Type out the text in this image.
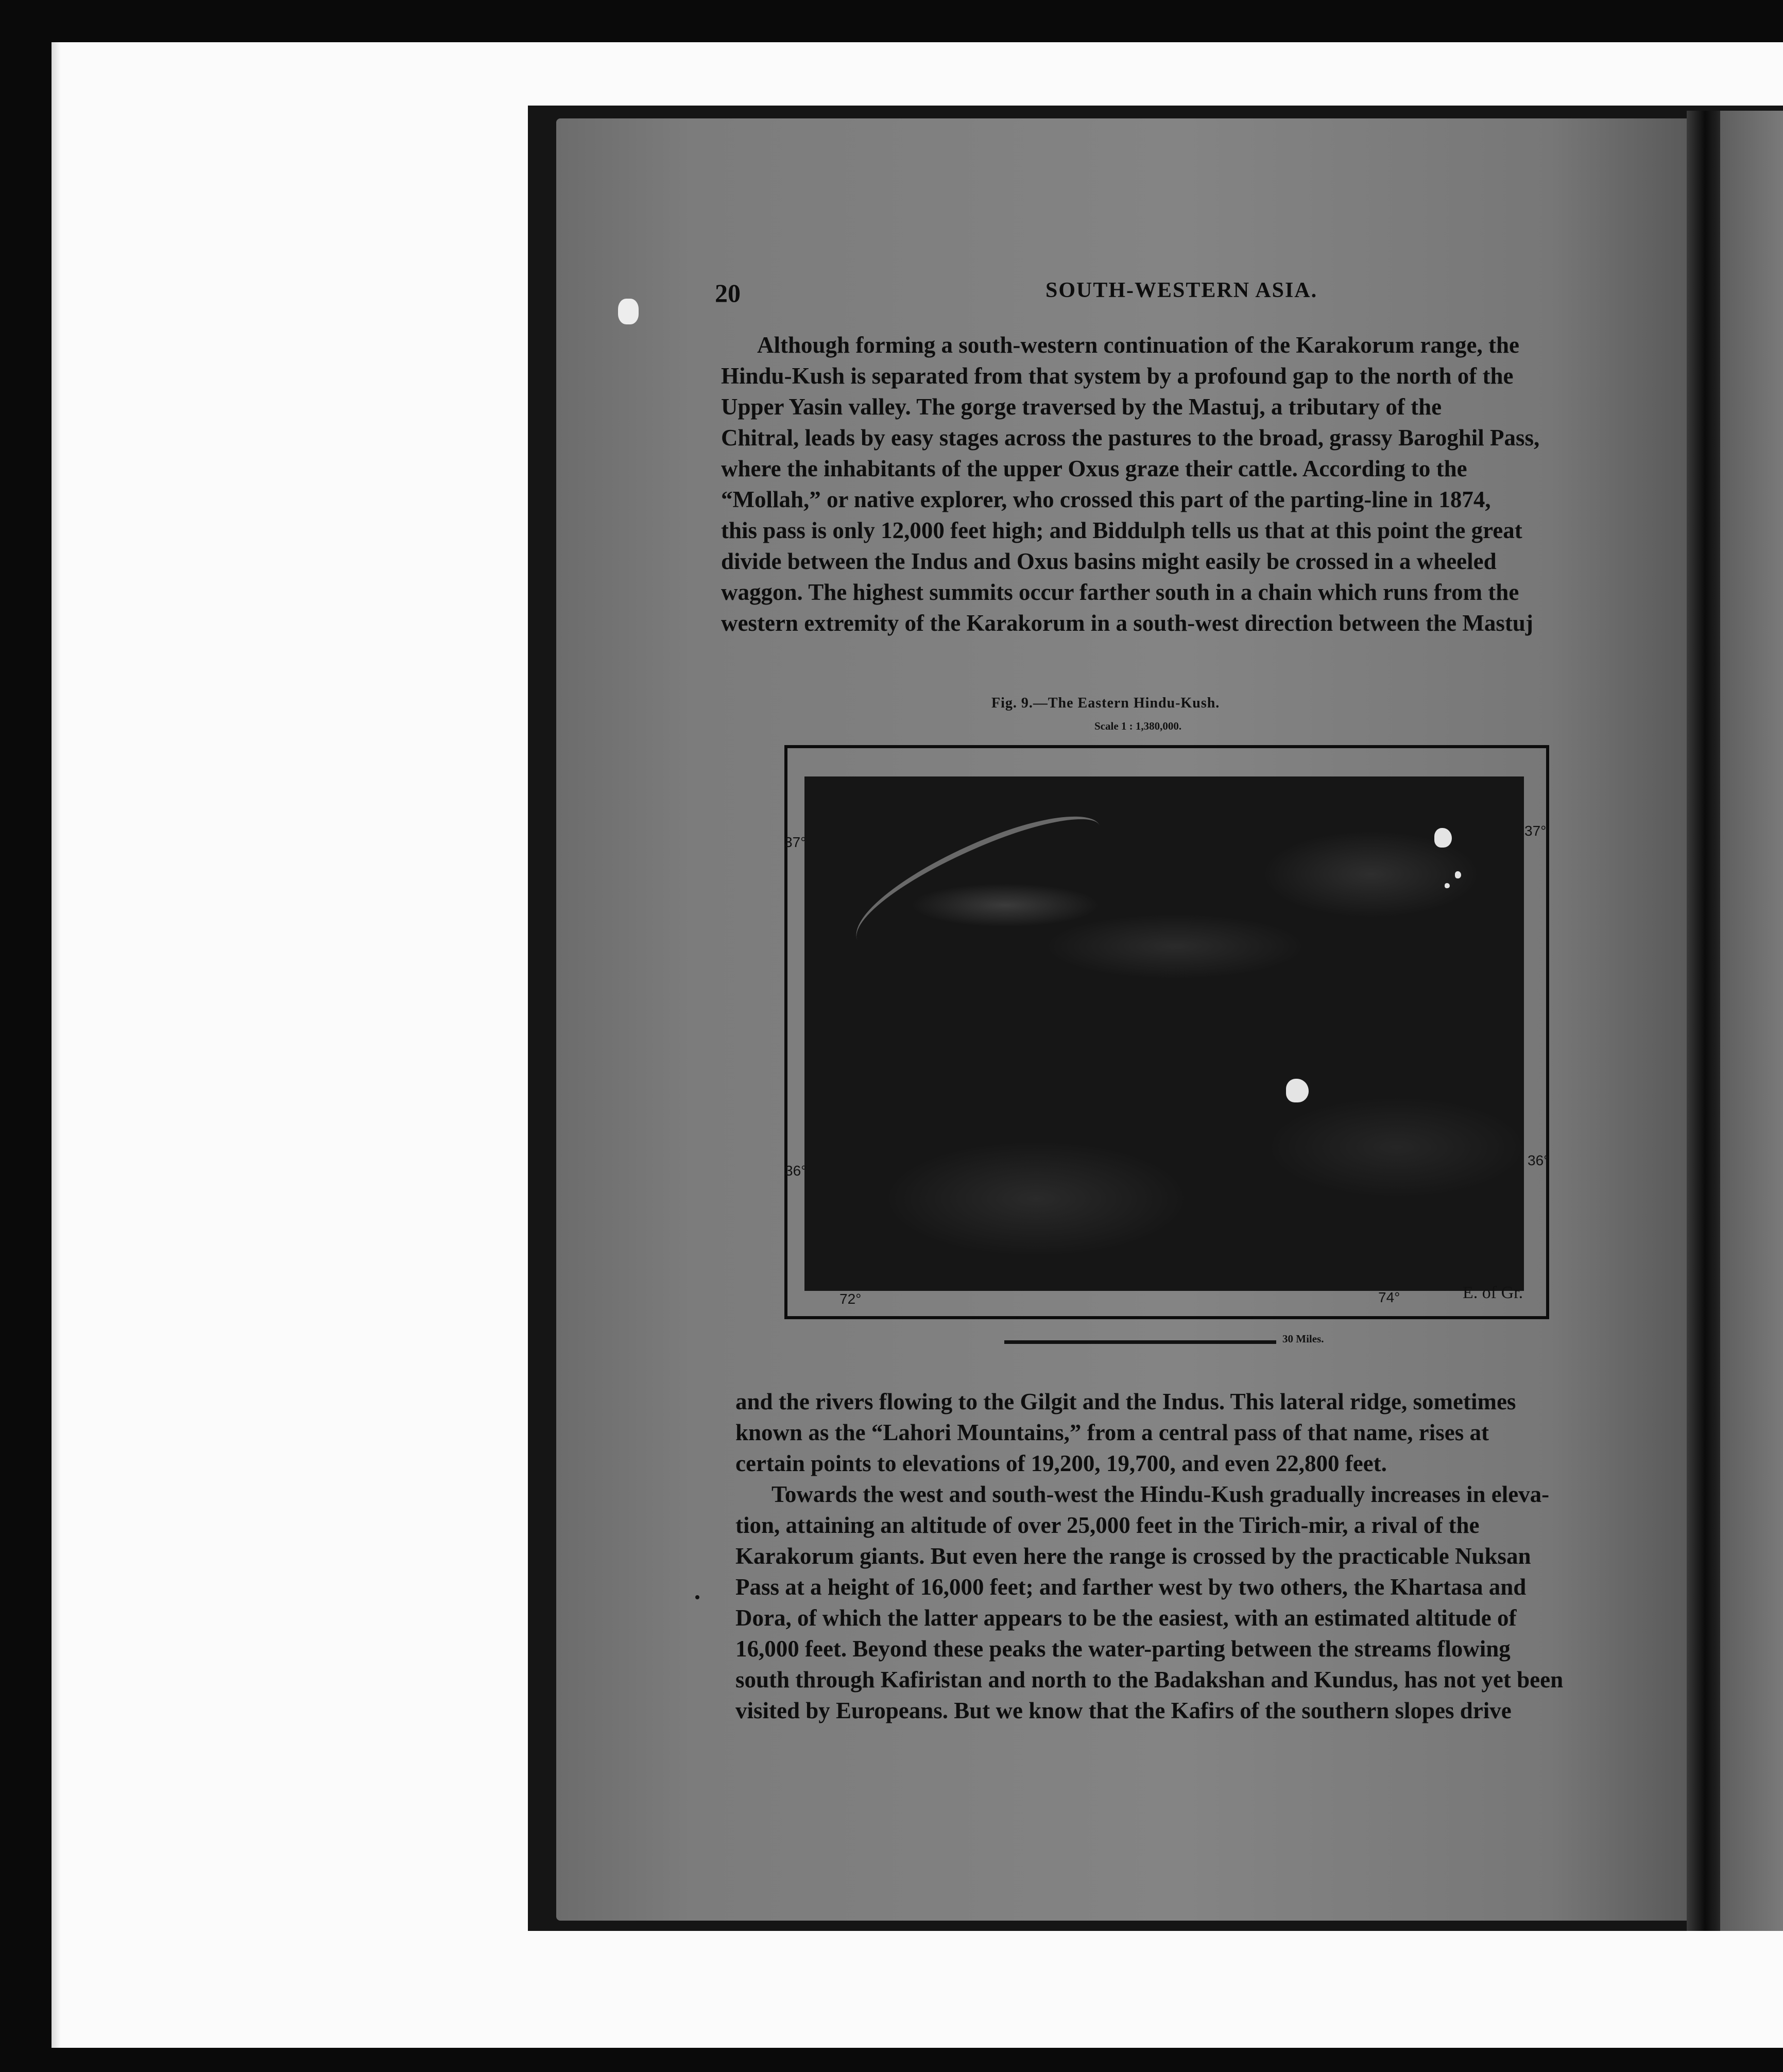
20	SOUTH-WESTERN ASIA.

Although forming a south-western continuation of the Karakorum range, the

Hindu-Kush is separated from that system by a profound gap to the north of the

Upper Yasin valley. The gorge traversed by the Mastuj, a tributary of the

Chitral, leads by easy stages across the pastures to the broad, grassy Baroghil Pass,

where the inhabitants of the upper Oxus graze their cattle. According to the

“Mollah,” or native explorer, who crossed this part of the parting-line in 1874,

this pass is only 12,000 feet high; and Biddulph tells us that at this point the great

divide between the Indus and Oxus basins might easily be crossed in a wheeled

waggon. The highest summits occur farther south in a chain which runs from the

western extremity of the Karakorum in a south-west direction between the Mastuj

Fig. 9.—The Eastern Hindu-Kush.
Scale 1 : 1,380,000.
37°
37°
36°
36°
72°	74°	E. of Gr.
30 Miles.

and the rivers flowing to the Gilgit and the Indus. This lateral ridge, sometimes

known as the “Lahori Mountains,” from a central pass of that name, rises at

certain points to elevations of 19,200, 19,700, and even 22,800 feet.

Towards the west and south-west the Hindu-Kush gradually increases in eleva-

tion, attaining an altitude of over 25,000 feet in the Tirich-mir, a rival of the

Karakorum giants. But even here the range is crossed by the practicable Nuksan

Pass at a height of 16,000 feet; and farther west by two others, the Khartasa and

Dora, of which the latter appears to be the easiest, with an estimated altitude of

16,000 feet. Beyond these peaks the water-parting between the streams flowing

south through Kafiristan and north to the Badakshan and Kundus, has not yet been

visited by Europeans. But we know that the Kafirs of the southern slopes drive
